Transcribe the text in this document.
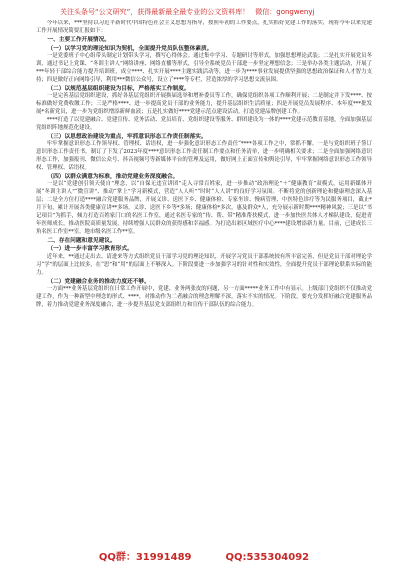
关注头条号“公文研究”，获得最新最全最专业的公文资料库！ 微信：gongwenyj

今年以来，***坚持以习近平新时代中国特色社会主义思想为指导，按照年初的工作要点，扎实抓好党建工作的落实，现将今年以来党建工作开展情况简要汇报如下：

一、主要工作开展情况。
（一）以学习党的理论知识为契机，全面提升党员队伍整体素质。

一是党委班子中心组带头制定计划带头学习，撰写心得体会。通过集中学习、专题研讨等形式，加强思想理论武装；二是扎实开展党员冬训，通过书记上党课、“冬训主讲人”网络讲座、网络直播等形式，引导全系统党员干部进一步坚定理想信念；三是举办各类主题活动，开展了***年轻干部综合能力提升培训班，成立****、扎实开展****主题实践活动等，进一步为****事业发展提供坚强的思想政治保证和人才智力支持；四是做好正向网络引导，利用***微信公众号，设立了****等专栏，营造浓厚的学习思想交流氛围。

（二）以规范基层组织建设为目标，严格落实工作制度。

一是完善基层党组织建设，抓好各基层党组织开展换届选举和增补委员等工作，确保党组织各项工作顺利开展；二是制定并下发****、按标准做好党费收缴工作；三是严格****、进一步提高党员干部的业务能力，提升基层组织生活质量；四是开展党员发展程序、本年度***批发展*名新党员，进一步为党组织增添新鲜血液；五是扎实做好****党建示范点建设活动，打造党建品牌创建工作。

****打造了以党建融合、党建宣传、党务活动、党员培育、党组织建设等服务、群团建设为一体的****党建示范教育基地，全面加强基层党组织阵地规范化建设。

（三）以思想政治建设为重点，牢抓意识形态工作责任制落实。

牢牢掌握意识形态工作领导权、管理权、话语权，进一步强化意识形态工作责任“****各项工作之中，常抓不懈。一是与党组织班子签订意识形态工作责任书，制订了下发了2023年度****意识形态工作责任制工作要点和任务清单，进一步明确相关要求；二是全面加强网络意识形态工作，加强报刊、微信公众号、抖音视频号等新媒体平台的管理及运用，做好网上正面宣传和舆论引导，牢牢掌握网络意识形态工作领导权、管理权、话语权。

（四）以群众满意为标准，推动党建业务深度融合。

一是以“党建创引领天使自”理念，以“自保无违宣讲团”走入寻常百姓家，进一步推动“政治理论”＋“健康教育”双模式，运用新媒体开展“冬训主讲人”“微宣讲”、推动“掌上”学习新模式，营造“人人听”“时时“人人讲”的良好学习氛围。不断将党的创新理论和健康理念深入基层；二是全方位打造****融合党建服务品牌，开展义诊、送医下乡、健康体检、专家坐诊、慢病管理、中医特色诊疗等为民服务项目，截止*月下旬，累计开展各类健康宣讲**多场，义诊、送医下乡等*多场；健康体检*多次，惠及群众*人，充分展示新时期****精神风貌；三是以“书记项目”为抓手，倾力打造百姓家门口的名医工作室，通过名医专家的“传、帮、带”精准帮扶模式，进一步加快医共体人才梯队建设，促进青年医师成长，推动医院高质量发展，持续增强人民群众的获得感和幸福感。为打造出彩区域医疗中心****建设增添新力量。目前，已建成长三角名医工作室**室，地市级名医工作**室。

二、存在问题和意见建议。
（一）进一步丰富学习教育形式。

近年来，**通过走出去、请进来等方式组织党员干部学习党的理论知识，开展学习党员干部系统较有所丰富完善，但是党员干部对理论学习“学”的层面上比较多，在“思”和“用”的层面上不够深入。下阶段要进一步加强学习的针对性和实效性，全面提升党员干部理论联系实际的能力。

（二）党建融合业务的推动力度还不够。

一方面***业务基层党组织在日常工作开展中，党建、业务两张皮的问题，另一方面*****业务工作中有显示。上级部门党组织不仅推动党建工作，作为一种新型中理念的形式、****，对推动作为二者融合的理念理解不深，落实不实的情况。下阶段，要充分发挥好融合党建服务品牌，着力推动党建业务深度融合，进一步提升基层党支部组织力和宣传干部队伍的综合能力。

QQ群：31991489	QQ:535304092
